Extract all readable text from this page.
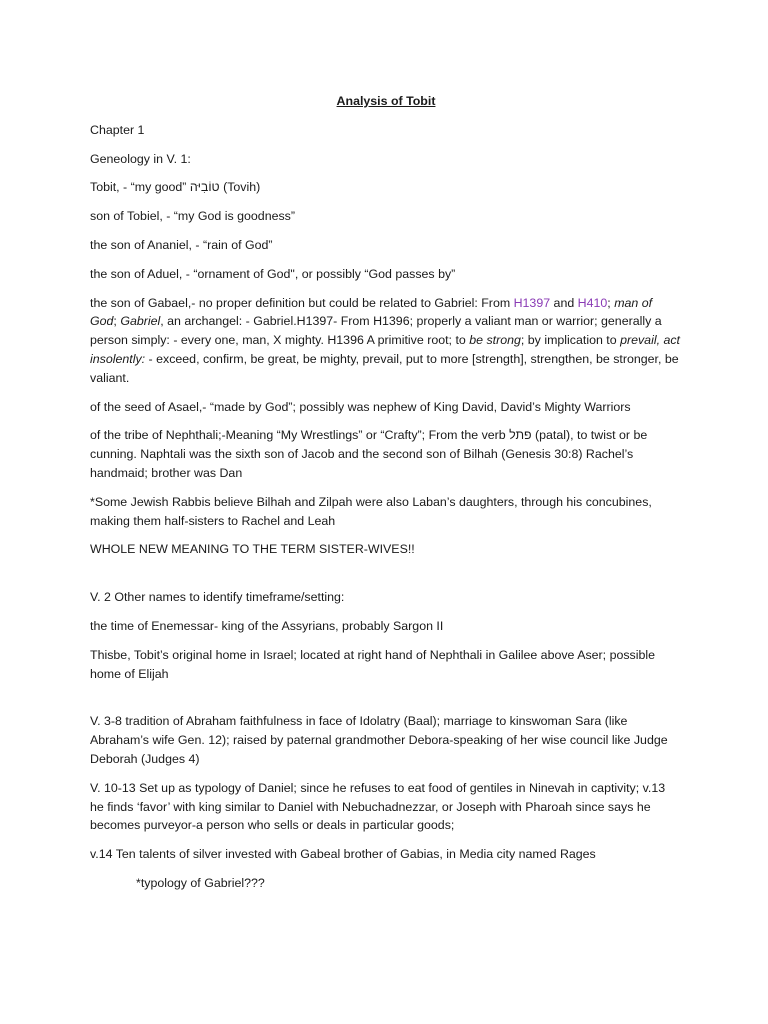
Analysis of Tobit

Chapter 1

Geneology in V. 1:

Tobit, - “my good” טוֹבִיּה (Tovih)

son of Tobiel, - “my God is goodness”

the son of Ananiel, - “rain of God”

the son of Aduel, - “ornament of God", or possibly “God passes by”

the son of Gabael,- no proper definition but could be related to Gabriel: From H1397 and H410; man of God; Gabriel, an archangel: - Gabriel.H1397- From H1396; properly a valiant man or warrior; generally a person simply: - every one, man, X mighty. H1396 A primitive root; to be strong; by implication to prevail, act insolently: - exceed, confirm, be great, be mighty, prevail, put to more [strength], strengthen, be stronger, be valiant.

of the seed of Asael,- “made by God”; possibly was nephew of King David, David’s Mighty Warriors

of the tribe of Nephthali;-Meaning “My Wrestlings” or “Crafty”; From the verb פתל (patal), to twist or be cunning. Naphtali was the sixth son of Jacob and the second son of Bilhah (Genesis 30:8) Rachel’s handmaid; brother was Dan

*Some Jewish Rabbis believe Bilhah and Zilpah were also Laban’s daughters, through his concubines, making them half-sisters to Rachel and Leah

WHOLE NEW MEANING TO THE TERM SISTER-WIVES!!

V. 2 Other names to identify timeframe/setting:

the time of Enemessar- king of the Assyrians, probably Sargon II

Thisbe, Tobit’s original home in Israel; located at right hand of Nephthali in Galilee above Aser; possible home of Elijah

V. 3-8 tradition of Abraham faithfulness in face of Idolatry (Baal); marriage to kinswoman Sara (like Abraham’s wife Gen. 12); raised by paternal grandmother Debora-speaking of her wise council like Judge Deborah (Judges 4)

V. 10-13 Set up as typology of Daniel; since he refuses to eat food of gentiles in Ninevah in captivity; v.13 he finds ‘favor’ with king similar to Daniel with Nebuchadnezzar, or Joseph with Pharoah since says he becomes purveyor-a person who sells or deals in particular goods;

v.14 Ten talents of silver invested with Gabeal brother of Gabias, in Media city named Rages

*typology of Gabriel???
